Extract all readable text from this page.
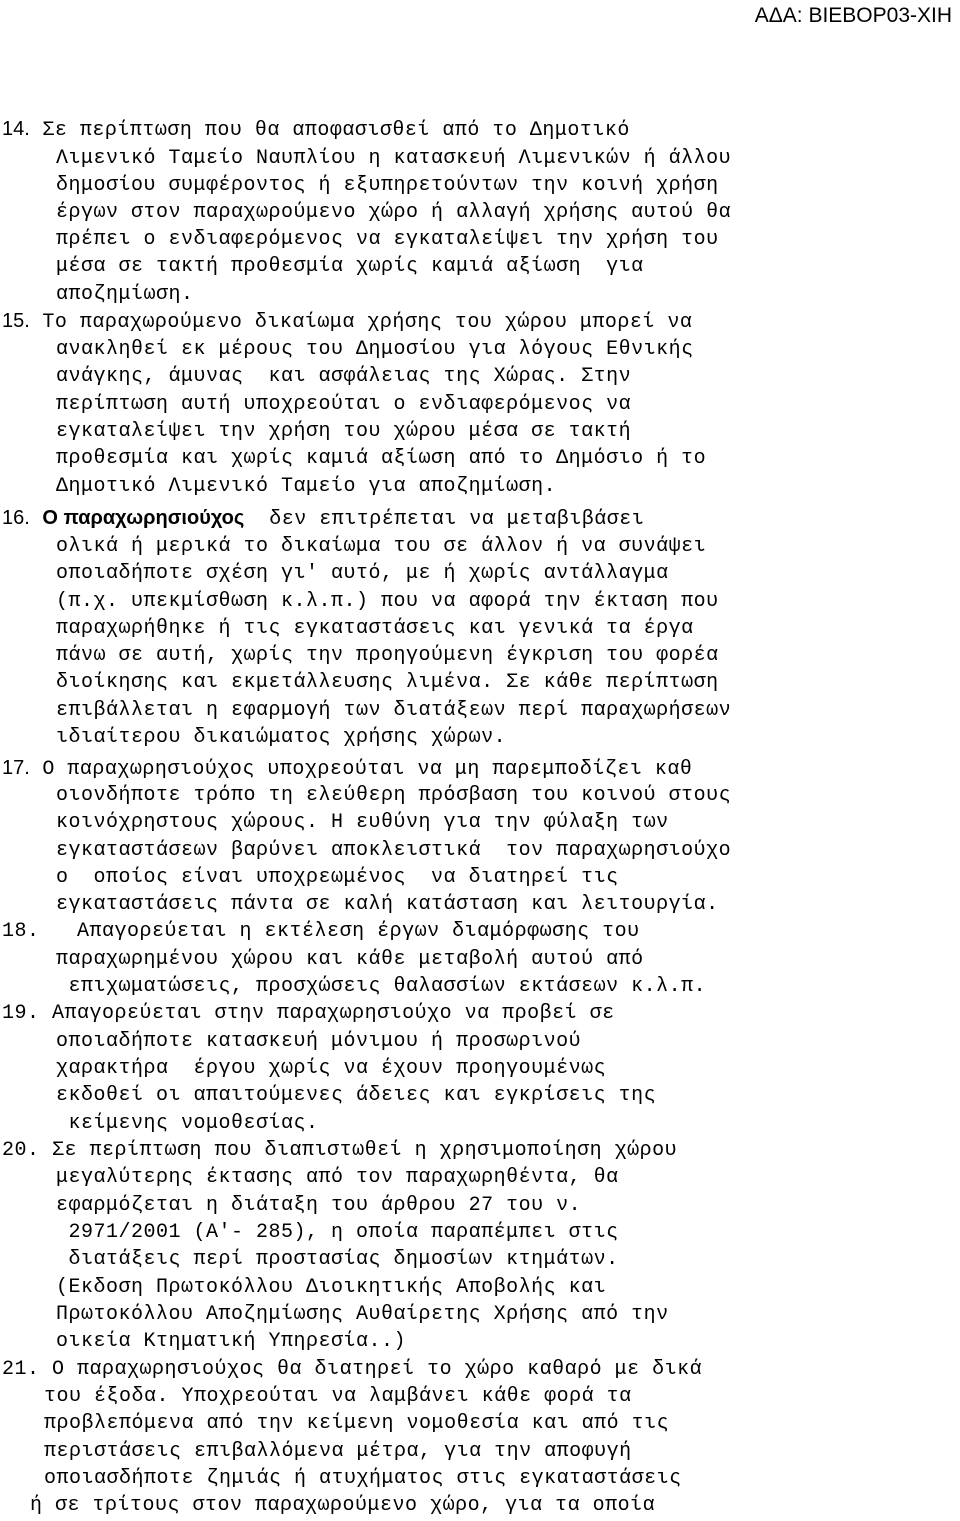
ΑΔΑ: ΒΙΕΒΟΡ03-ΧΙΗ
14. Σε περίπτωση που θα αποφασισθεί από το Δημοτικό
Λιμενικό Ταμείο Ναυπλίου η κατασκευή Λιμενικών ή άλλου
δημοσίου συμφέροντος ή εξυπηρετούντων την κοινή χρήση
έργων στον παραχωρούμενο χώρο ή αλλαγή χρήσης αυτού θα
πρέπει ο ενδιαφερόμενος να εγκαταλείψει την χρήση του
μέσα σε τακτή προθεσμία χωρίς καμιά αξίωση  για
αποζημίωση.
15. Το παραχωρούμενο δικαίωμα χρήσης του χώρου μπορεί να
ανακληθεί εκ μέρους του Δημοσίου για λόγους Εθνικής
ανάγκης, άμυνας  και ασφάλειας της Χώρας. Στην
περίπτωση αυτή υποχρεούται ο ενδιαφερόμενος να
εγκαταλείψει την χρήση του χώρου μέσα σε τακτή
προθεσμία και χωρίς καμιά αξίωση από το Δημόσιο ή το
Δημοτικό Λιμενικό Ταμείο για αποζημίωση.
16. Ο παραχωρησιούχος  δεν επιτρέπεται να μεταβιβάσει
ολικά ή μερικά το δικαίωμα του σε άλλον ή να συνάψει
οποιαδήποτε σχέση γι' αυτό, με ή χωρίς αντάλλαγμα
(π.χ. υπεκμίσθωση κ.λ.π.) που να αφορά την έκταση που
παραχωρήθηκε ή τις εγκαταστάσεις και γενικά τα έργα
πάνω σε αυτή, χωρίς την προηγούμενη έγκριση του φορέα
διοίκησης και εκμετάλλευσης λιμένα. Σε κάθε περίπτωση
επιβάλλεται η εφαρμογή των διατάξεων περί παραχωρήσεων
ιδιαίτερου δικαιώματος χρήσης χώρων.
17. Ο παραχωρησιούχος υποχρεούται να μη παρεμποδίζει καθ
οιονδήποτε τρόπο τη ελεύθερη πρόσβαση του κοινού στους
κοινόχρηστους χώρους. Η ευθύνη για την φύλαξη των
εγκαταστάσεων βαρύνει αποκλειστικά  τον παραχωρησιούχο
ο  οποίος είναι υποχρεωμένος  να διατηρεί τις
εγκαταστάσεις πάντα σε καλή κατάσταση και λειτουργία.
18.   Απαγορεύεται η εκτέλεση έργων διαμόρφωσης του
παραχωρημένου χώρου και κάθε μεταβολή αυτού από
επιχωματώσεις, προσχώσεις θαλασσίων εκτάσεων κ.λ.π.
19. Απαγορεύεται στην παραχωρησιούχο να προβεί σε
οποιαδήποτε κατασκευή μόνιμου ή προσωρινού
χαρακτήρα  έργου χωρίς να έχουν προηγουμένως
εκδοθεί οι απαιτούμενες άδειες και εγκρίσεις της
κείμενης νομοθεσίας.
20. Σε περίπτωση που διαπιστωθεί η χρησιμοποίηση χώρου
μεγαλύτερης έκτασης από τον παραχωρηθέντα, θα
εφαρμόζεται η διάταξη του άρθρου 27 του ν.
2971/2001 (Α'- 285), η οποία παραπέμπει στις
διατάξεις περί προστασίας δημοσίων κτημάτων.
(Εκδοση Πρωτοκόλλου Διοικητικής Αποβολής και
Πρωτοκόλλου Αποζημίωσης Αυθαίρετης Χρήσης από την
οικεία Κτηματική Υπηρεσία..)
21. Ο παραχωρησιούχος θα διατηρεί το χώρο καθαρό με δικά
του έξοδα. Υποχρεούται να λαμβάνει κάθε φορά τα
προβλεπόμενα από την κείμενη νομοθεσία και από τις
περιστάσεις επιβαλλόμενα μέτρα, για την αποφυγή
οποιασδήποτε ζημιάς ή ατυχήματος στις εγκαταστάσεις
ή σε τρίτους στον παραχωρούμενο χώρο, για τα οποία
